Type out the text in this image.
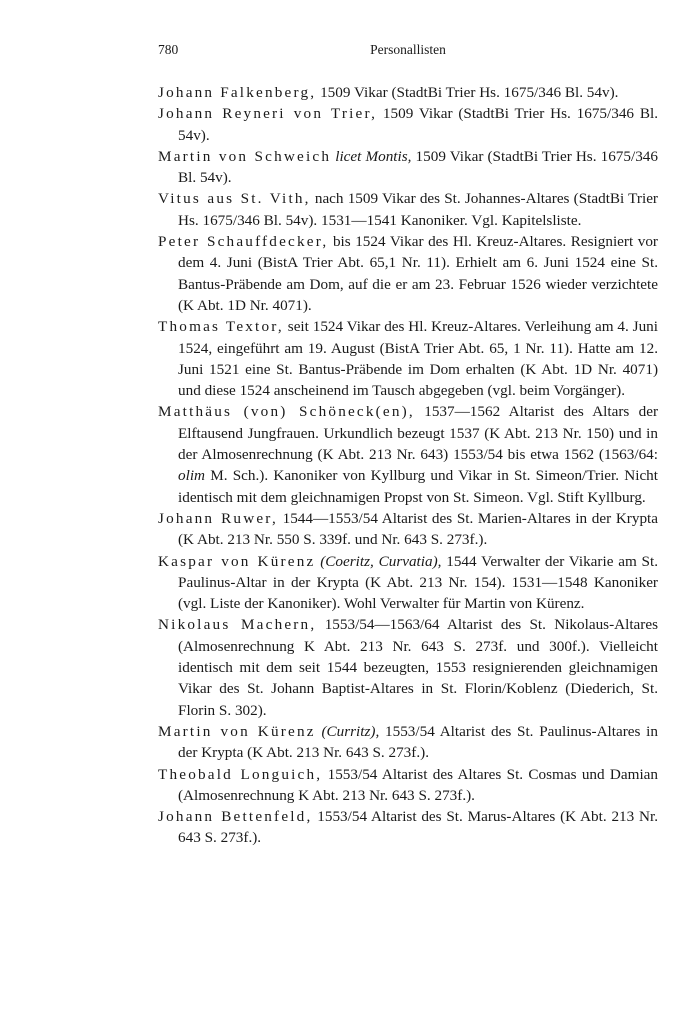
780	Personallisten

Johann Falkenberg, 1509 Vikar (StadtBi Trier Hs. 1675/346 Bl. 54v).

Johann Reyneri von Trier, 1509 Vikar (StadtBi Trier Hs. 1675/346 Bl. 54v).

Martin von Schweich licet Montis, 1509 Vikar (StadtBi Trier Hs. 1675/346 Bl. 54v).

Vitus aus St. Vith, nach 1509 Vikar des St. Johannes-Altares (StadtBi Trier Hs. 1675/346 Bl. 54v). 1531—1541 Kanoniker. Vgl. Kapitelsliste.

Peter Schauffdecker, bis 1524 Vikar des Hl. Kreuz-Altares. Resigniert vor dem 4. Juni (BistA Trier Abt. 65,1 Nr. 11). Erhielt am 6. Juni 1524 eine St. Bantus-Präbende am Dom, auf die er am 23. Februar 1526 wieder verzichtete (K Abt. 1D Nr. 4071).

Thomas Textor, seit 1524 Vikar des Hl. Kreuz-Altares. Verleihung am 4. Juni 1524, eingeführt am 19. August (BistA Trier Abt. 65, 1 Nr. 11). Hatte am 12. Juni 1521 eine St. Bantus-Präbende im Dom erhalten (K Abt. 1D Nr. 4071) und diese 1524 anscheinend im Tausch abgegeben (vgl. beim Vorgänger).

Matthäus (von) Schöneck(en), 1537—1562 Altarist des Altars der Elftausend Jungfrauen. Urkundlich bezeugt 1537 (K Abt. 213 Nr. 150) und in der Almosenrechnung (K Abt. 213 Nr. 643) 1553/54 bis etwa 1562 (1563/64: olim M. Sch.). Kanoniker von Kyllburg und Vikar in St. Simeon/Trier. Nicht identisch mit dem gleichnamigen Propst von St. Simeon. Vgl. Stift Kyllburg.

Johann Ruwer, 1544—1553/54 Altarist des St. Marien-Altares in der Krypta (K Abt. 213 Nr. 550 S. 339f. und Nr. 643 S. 273f.).

Kaspar von Kürenz (Coeritz, Curvatia), 1544 Verwalter der Vikarie am St. Paulinus-Altar in der Krypta (K Abt. 213 Nr. 154). 1531—1548 Kanoniker (vgl. Liste der Kanoniker). Wohl Verwalter für Martin von Kürenz.

Nikolaus Machern, 1553/54—1563/64 Altarist des St. Nikolaus-Altares (Almosenrechnung K Abt. 213 Nr. 643 S. 273f. und 300f.). Vielleicht identisch mit dem seit 1544 bezeugten, 1553 resignierenden gleichnamigen Vikar des St. Johann Baptist-Altares in St. Florin/Koblenz (Diederich, St. Florin S. 302).

Martin von Kürenz (Curritz), 1553/54 Altarist des St. Paulinus-Altares in der Krypta (K Abt. 213 Nr. 643 S. 273f.).

Theobald Longuich, 1553/54 Altarist des Altares St. Cosmas und Damian (Almosenrechnung K Abt. 213 Nr. 643 S. 273f.).

Johann Bettenfeld, 1553/54 Altarist des St. Marus-Altares (K Abt. 213 Nr. 643 S. 273f.).
